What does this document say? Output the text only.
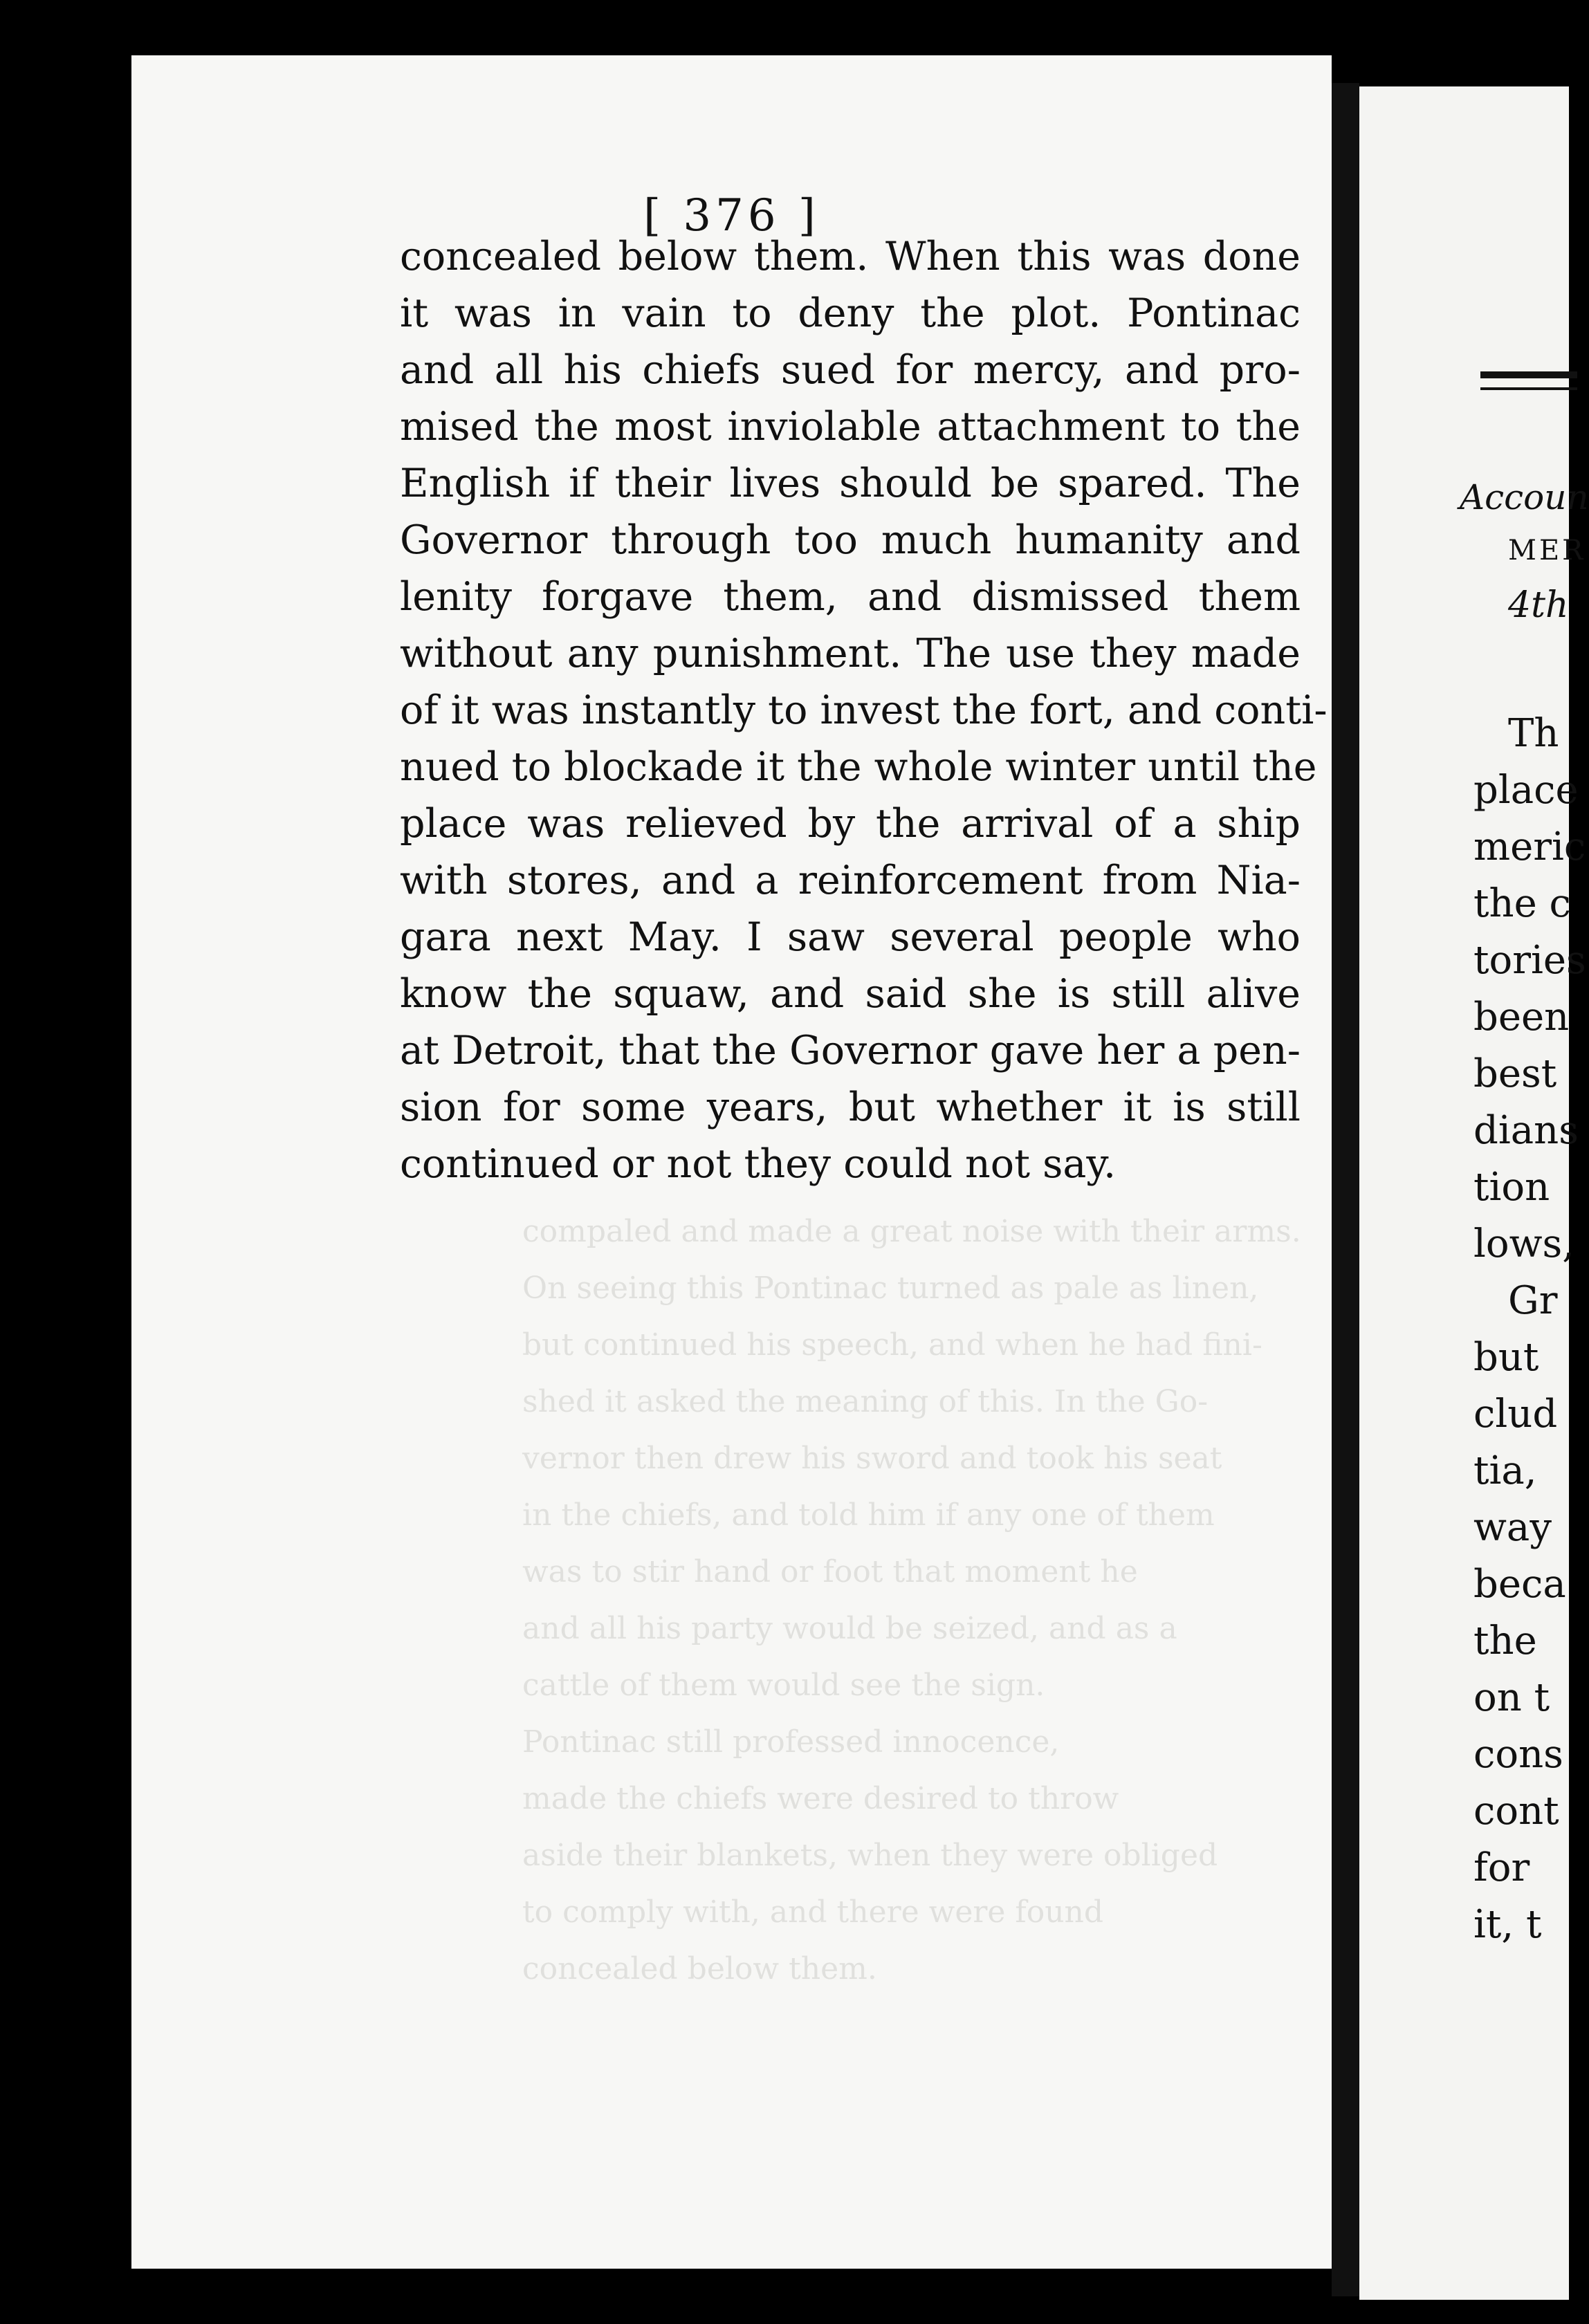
[ 376 ]
compaled and made a great noise with their arms.
On seeing this Pontinac turned as pale as linen,
but continued his speech, and when he had fini-
shed it asked the meaning of this. In the Go-
vernor then drew his sword and took his seat
in the chiefs, and told him if any one of them
was to stir hand or foot that moment he
and all his party would be seized, and as a
cattle of them would see the sign.
Pontinac still professed innocence,
made the chiefs were desired to throw
aside their blankets, when they were obliged
to comply with, and there were found
concealed below them.
concealed below them. When this was done
it was in vain to deny the plot. Pontinac
and all his chiefs sued for mercy, and pro-
mised the most inviolable attachment to the
English if their lives should be spared. The
Governor through too much humanity and
lenity forgave them, and dismissed them
without any punishment. The use they made
of it was instantly to invest the fort, and conti-
nued to blockade it the whole winter until the
place was relieved by the arrival of a ship
with stores, and a reinforcement from Nia-
gara next May. I saw several people who
know the squaw, and said she is still alive
at Detroit, that the Governor gave her a pen-
sion for some years, but whether it is still
continued or not they could not say.
Accoun
MER
4th
Th
place
meric
the c
tories
been
best
dians
tion
lows,
Gr
but
clud
tia,
way
beca
the
on t
cons
cont
for
it, t
